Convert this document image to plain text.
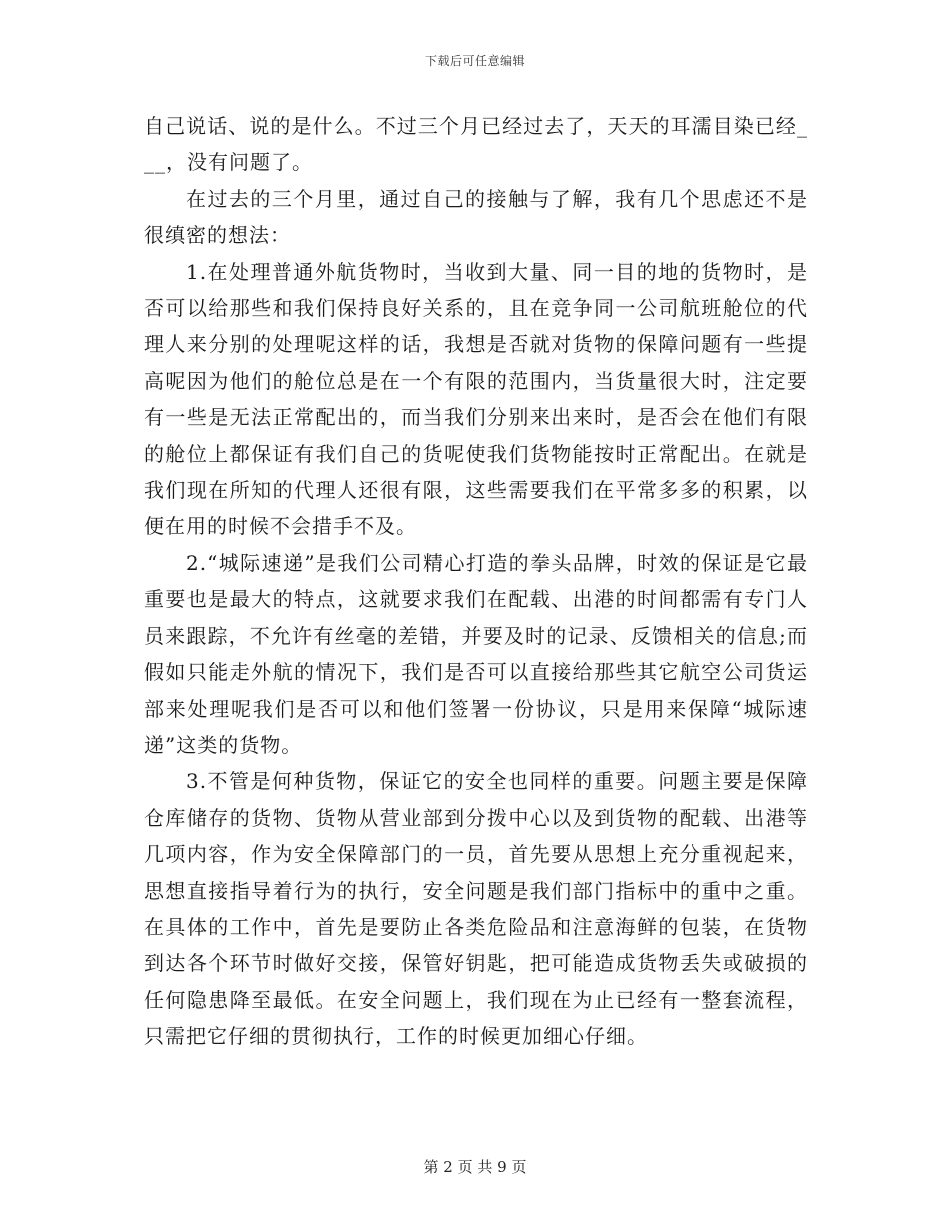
下载后可任意编辑

自己说话、说的是什么。不过三个月已经过去了，天天的耳濡目染已经___，没有问题了。

在过去的三个月里，通过自己的接触与了解，我有几个思虑还不是很缜密的想法：

1.在处理普通外航货物时，当收到大量、同一目的地的货物时，是否可以给那些和我们保持良好关系的，且在竞争同一公司航班舱位的代理人来分别的处理呢这样的话，我想是否就对货物的保障问题有一些提高呢因为他们的舱位总是在一个有限的范围内，当货量很大时，注定要有一些是无法正常配出的，而当我们分别来出来时，是否会在他们有限的舱位上都保证有我们自己的货呢使我们货物能按时正常配出。在就是我们现在所知的代理人还很有限，这些需要我们在平常多多的积累，以便在用的时候不会措手不及。

2.“城际速递”是我们公司精心打造的拳头品牌，时效的保证是它最重要也是最大的特点，这就要求我们在配载、出港的时间都需有专门人员来跟踪，不允许有丝毫的差错，并要及时的记录、反馈相关的信息;而假如只能走外航的情况下，我们是否可以直接给那些其它航空公司货运部来处理呢我们是否可以和他们签署一份协议，只是用来保障“城际速递”这类的货物。

3.不管是何种货物，保证它的安全也同样的重要。问题主要是保障仓库储存的货物、货物从营业部到分拨中心以及到货物的配载、出港等几项内容，作为安全保障部门的一员，首先要从思想上充分重视起来，思想直接指导着行为的执行，安全问题是我们部门指标中的重中之重。在具体的工作中，首先是要防止各类危险品和注意海鲜的包装，在货物到达各个环节时做好交接，保管好钥匙，把可能造成货物丢失或破损的任何隐患降至最低。在安全问题上，我们现在为止已经有一整套流程，只需把它仔细的贯彻执行，工作的时候更加细心仔细。

第 2 页 共 9 页
